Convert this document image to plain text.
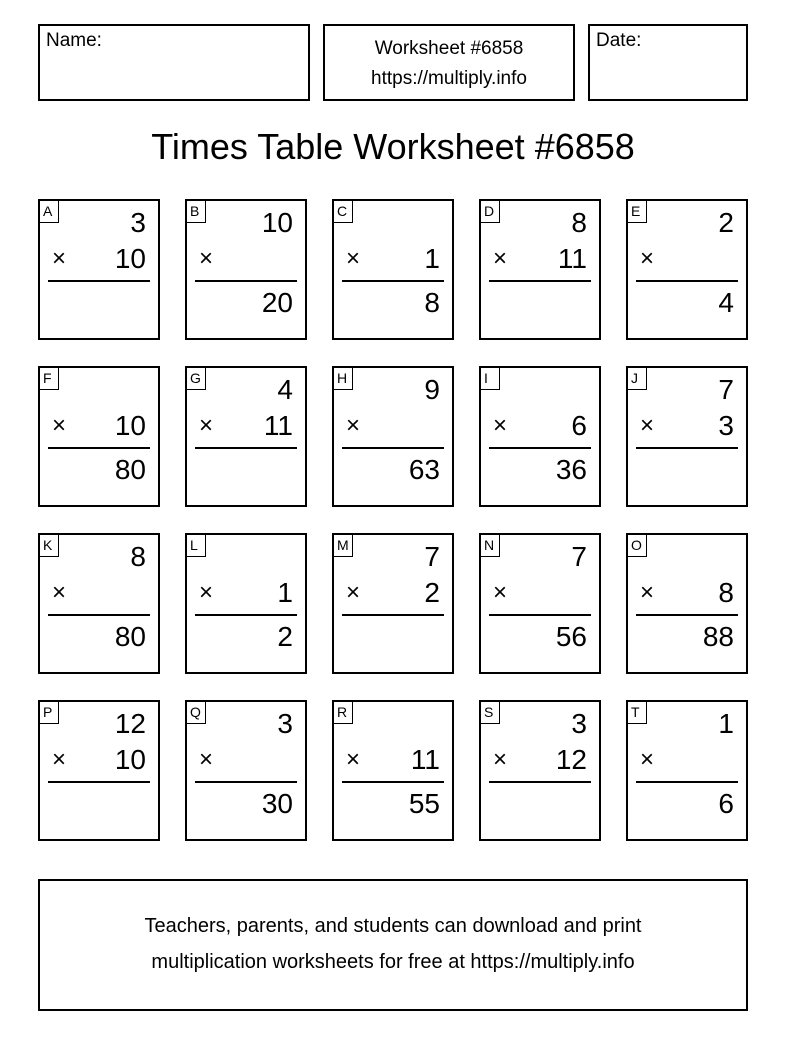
Name:	Worksheet #6858
https://multiply.info
Date:
Times Table Worksheet #6858
A	3
× 10
B 10
×
20
C
× 1
8
D	8
× 11
E	2
×
4
F
× 10
80
G	4
× 11
H	9
×
63
I
× 6
36
J	7
× 3
K	8
×
80
L
× 1
2
M	7
× 2
N	7
×
56
O
× 8
88
P 12
× 10
Q	3
×
30
R
× 11
55
S	3
× 12
T	1
×
6
Teachers, parents, and students can download and print
multiplication worksheets for free at https://multiply.info
